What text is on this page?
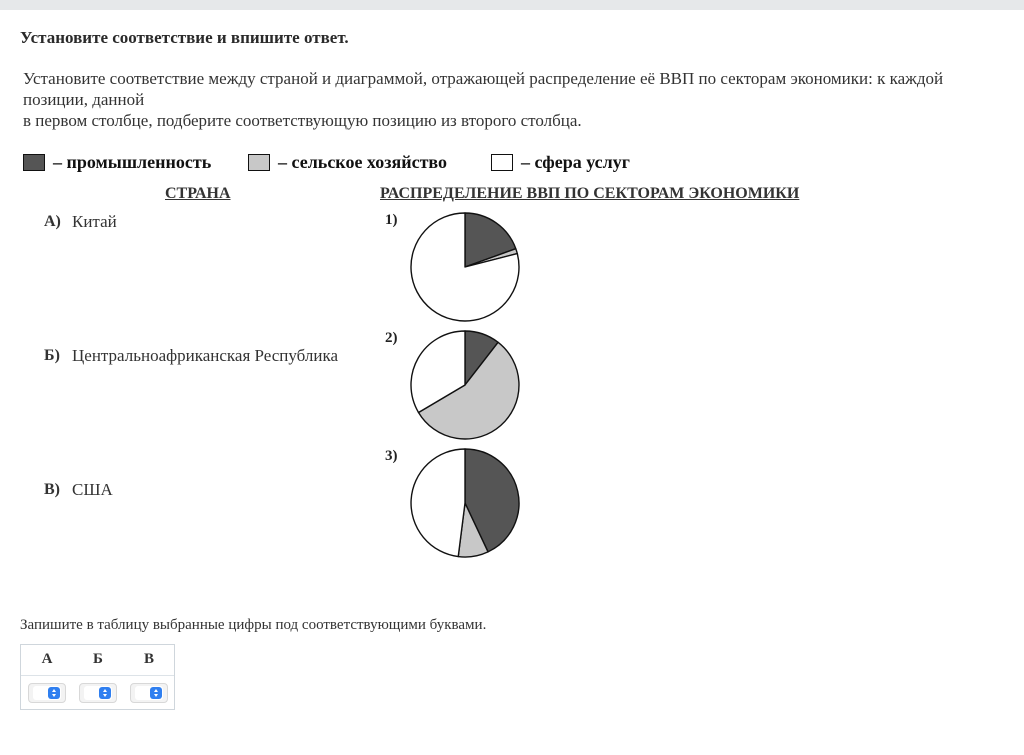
Установите соответствие и впишите ответ.
Установите соответствие между страной и диаграммой, отражающей распределение её ВВП по секторам экономики: к каждой
позиции, данной
в первом столбце, подберите соответствующую позицию из второго столбца.
– промышленность	– сельское хозяйство	– сфера услуг
СТРАНА	РАСПРЕДЕЛЕНИЕ ВВП ПО СЕКТОРАМ ЭКОНОМИКИ
А) Китай
Б) Центральноафриканская Республика
В) США
1)
2)
3)
Запишите в таблицу выбранные цифры под соответствующими буквами.
А	Б	В
